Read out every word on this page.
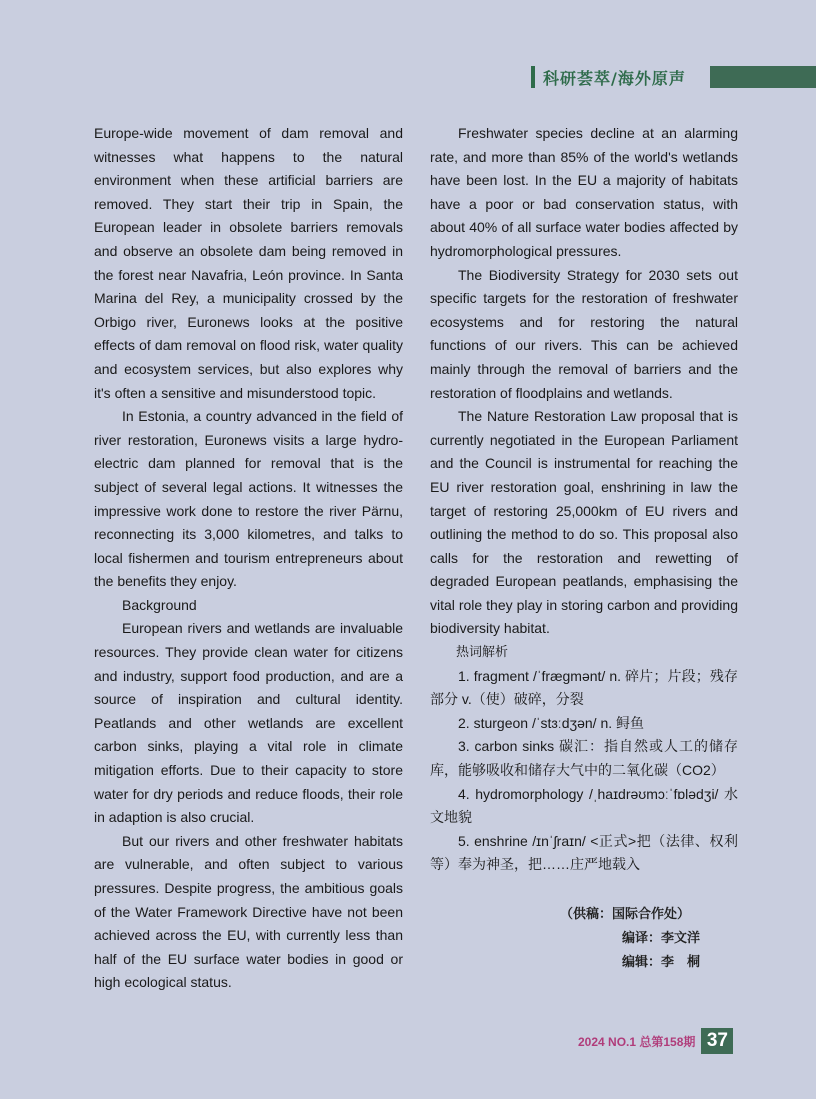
科研荟萃/海外原声

Europe-wide movement of dam removal and witnesses what happens to the natural environment when these artificial barriers are removed. They start their trip in Spain, the European leader in obsolete barriers removals and observe an obsolete dam being removed in the forest near Navafria, León province. In Santa Marina del Rey, a municipality crossed by the Orbigo river, Euronews looks at the positive effects of dam removal on flood risk, water quality and ecosystem services, but also explores why it's often a sensitive and misunderstood topic.

In Estonia, a country advanced in the field of river restoration, Euronews visits a large hydro-electric dam planned for removal that is the subject of several legal actions. It witnesses the impressive work done to restore the river Pärnu, reconnecting its 3,000 kilometres, and talks to local fishermen and tourism entrepreneurs about the benefits they enjoy.

Background

European rivers and wetlands are invaluable resources. They provide clean water for citizens and industry, support food production, and are a source of inspiration and cultural identity. Peatlands and other wetlands are excellent carbon sinks, playing a vital role in climate mitigation efforts. Due to their capacity to store water for dry periods and reduce floods, their role in adaption is also crucial.

But our rivers and other freshwater habitats are vulnerable, and often subject to various pressures. Despite progress, the ambitious goals of the Water Framework Directive have not been achieved across the EU, with currently less than half of the EU surface water bodies in good or high ecological status.

Freshwater species decline at an alarming rate, and more than 85% of the world's wetlands have been lost. In the EU a majority of habitats have a poor or bad conservation status, with about 40% of all surface water bodies affected by hydromorphological pressures.

The Biodiversity Strategy for 2030 sets out specific targets for the restoration of freshwater ecosystems and for restoring the natural functions of our rivers. This can be achieved mainly through the removal of barriers and the restoration of floodplains and wetlands.

The Nature Restoration Law proposal that is currently negotiated in the European Parliament and the Council is instrumental for reaching the EU river restoration goal, enshrining in law the target of restoring 25,000km of EU rivers and outlining the method to do so. This proposal also calls for the restoration and rewetting of degraded European peatlands, emphasising the vital role they play in storing carbon and providing biodiversity habitat.

热词解析

1. fragment /ˈfræɡmənt/ n. 碎片；片段；残存部分 v.（使）破碎，分裂

2. sturgeon /ˈstɜːdʒən/ n. 鲟鱼

3. carbon sinks 碳汇：指自然或人工的储存库，能够吸收和储存大气中的二氧化碳（CO2）

4. hydromorphology /ˌhaɪdrəʊmɔːˈfɒlədʒi/ 水文地貌

5. enshrine /ɪnˈʃraɪn/ <正式>把（法律、权利等）奉为神圣，把……庄严地载入

（供稿：国际合作处）
编译：李文洋
编辑：李　桐
2024 NO.1 总第158期 37
